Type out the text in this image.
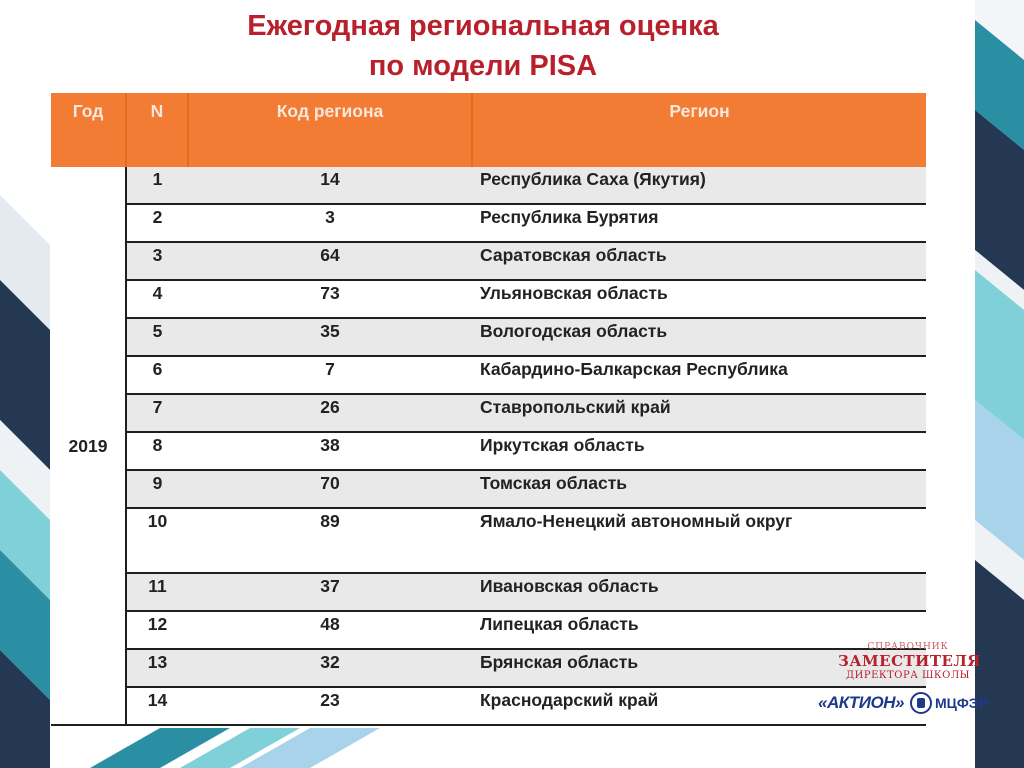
Ежегодная региональная оценка
по модели PISA
Год	N	Код региона	Регион
2019	1	14	Республика Саха (Якутия)
	2	3	Республика Бурятия
	3	64	Саратовская область
	4	73	Ульяновская область
	5	35	Вологодская область
	6	7	Кабардино-Балкарская Республика
	7	26	Ставропольский край
	8	38	Иркутская область
	9	70	Томская область
	10	89	Ямало-Ненецкий автономный округ
	11	37	Ивановская область
	12	48	Липецкая область
	13	32	Брянская область
	14	23	Краснодарский край
СПРАВОЧНИК
ЗАМЕСТИТЕЛЯ
ДИРЕКТОРА ШКОЛЫ
«АКТИОН» МЦФЭР
